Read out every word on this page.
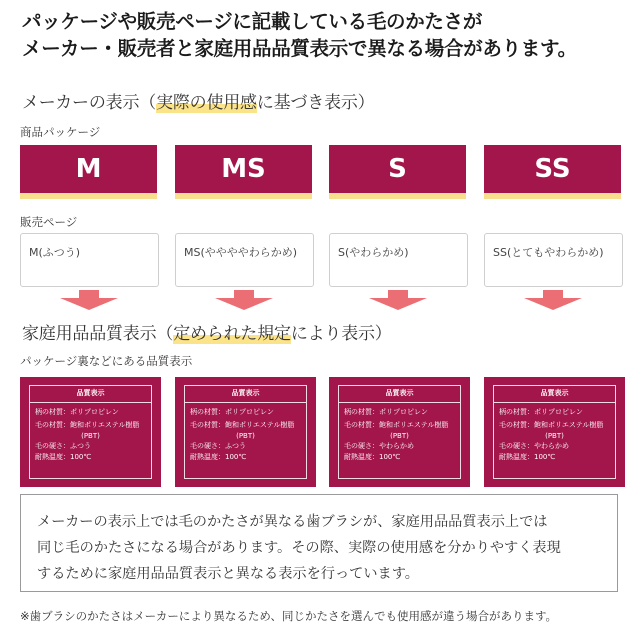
パッケージや販売ページに記載している毛のかたさが
メーカー・販売者と家庭用品品質表示で異なる場合があります。
メーカーの表示（実際の使用感に基づき表示）
商品パッケージ
M	MS	S	SS
販売ページ
M(ふつう)	MS(ややややわらかめ)	S(やわらかめ)	SS(とてもやわらかめ)
家庭用品品質表示（定められた規定により表示）
パッケージ裏などにある品質表示
品質表示
柄の材質：ポリプロピレン
毛の材質：飽和ポリエステル樹脂
(PBT)
毛の硬さ：ふつう
耐熱温度：100℃
品質表示
柄の材質：ポリプロピレン
毛の材質：飽和ポリエステル樹脂
(PBT)
毛の硬さ：ふつう
耐熱温度：100℃
品質表示
柄の材質：ポリプロピレン
毛の材質：飽和ポリエステル樹脂
(PBT)
毛の硬さ：やわらかめ
耐熱温度：100℃
品質表示
柄の材質：ポリプロピレン
毛の材質：飽和ポリエステル樹脂
(PBT)
毛の硬さ：やわらかめ
耐熱温度：100℃
メーカーの表示上では毛のかたさが異なる歯ブラシが、家庭用品品質表示上では
同じ毛のかたさになる場合があります。その際、実際の使用感を分かりやすく表現
するために家庭用品品質表示と異なる表示を行っています。
※歯ブラシのかたさはメーカーにより異なるため、同じかたさを選んでも使用感が違う場合があります。
